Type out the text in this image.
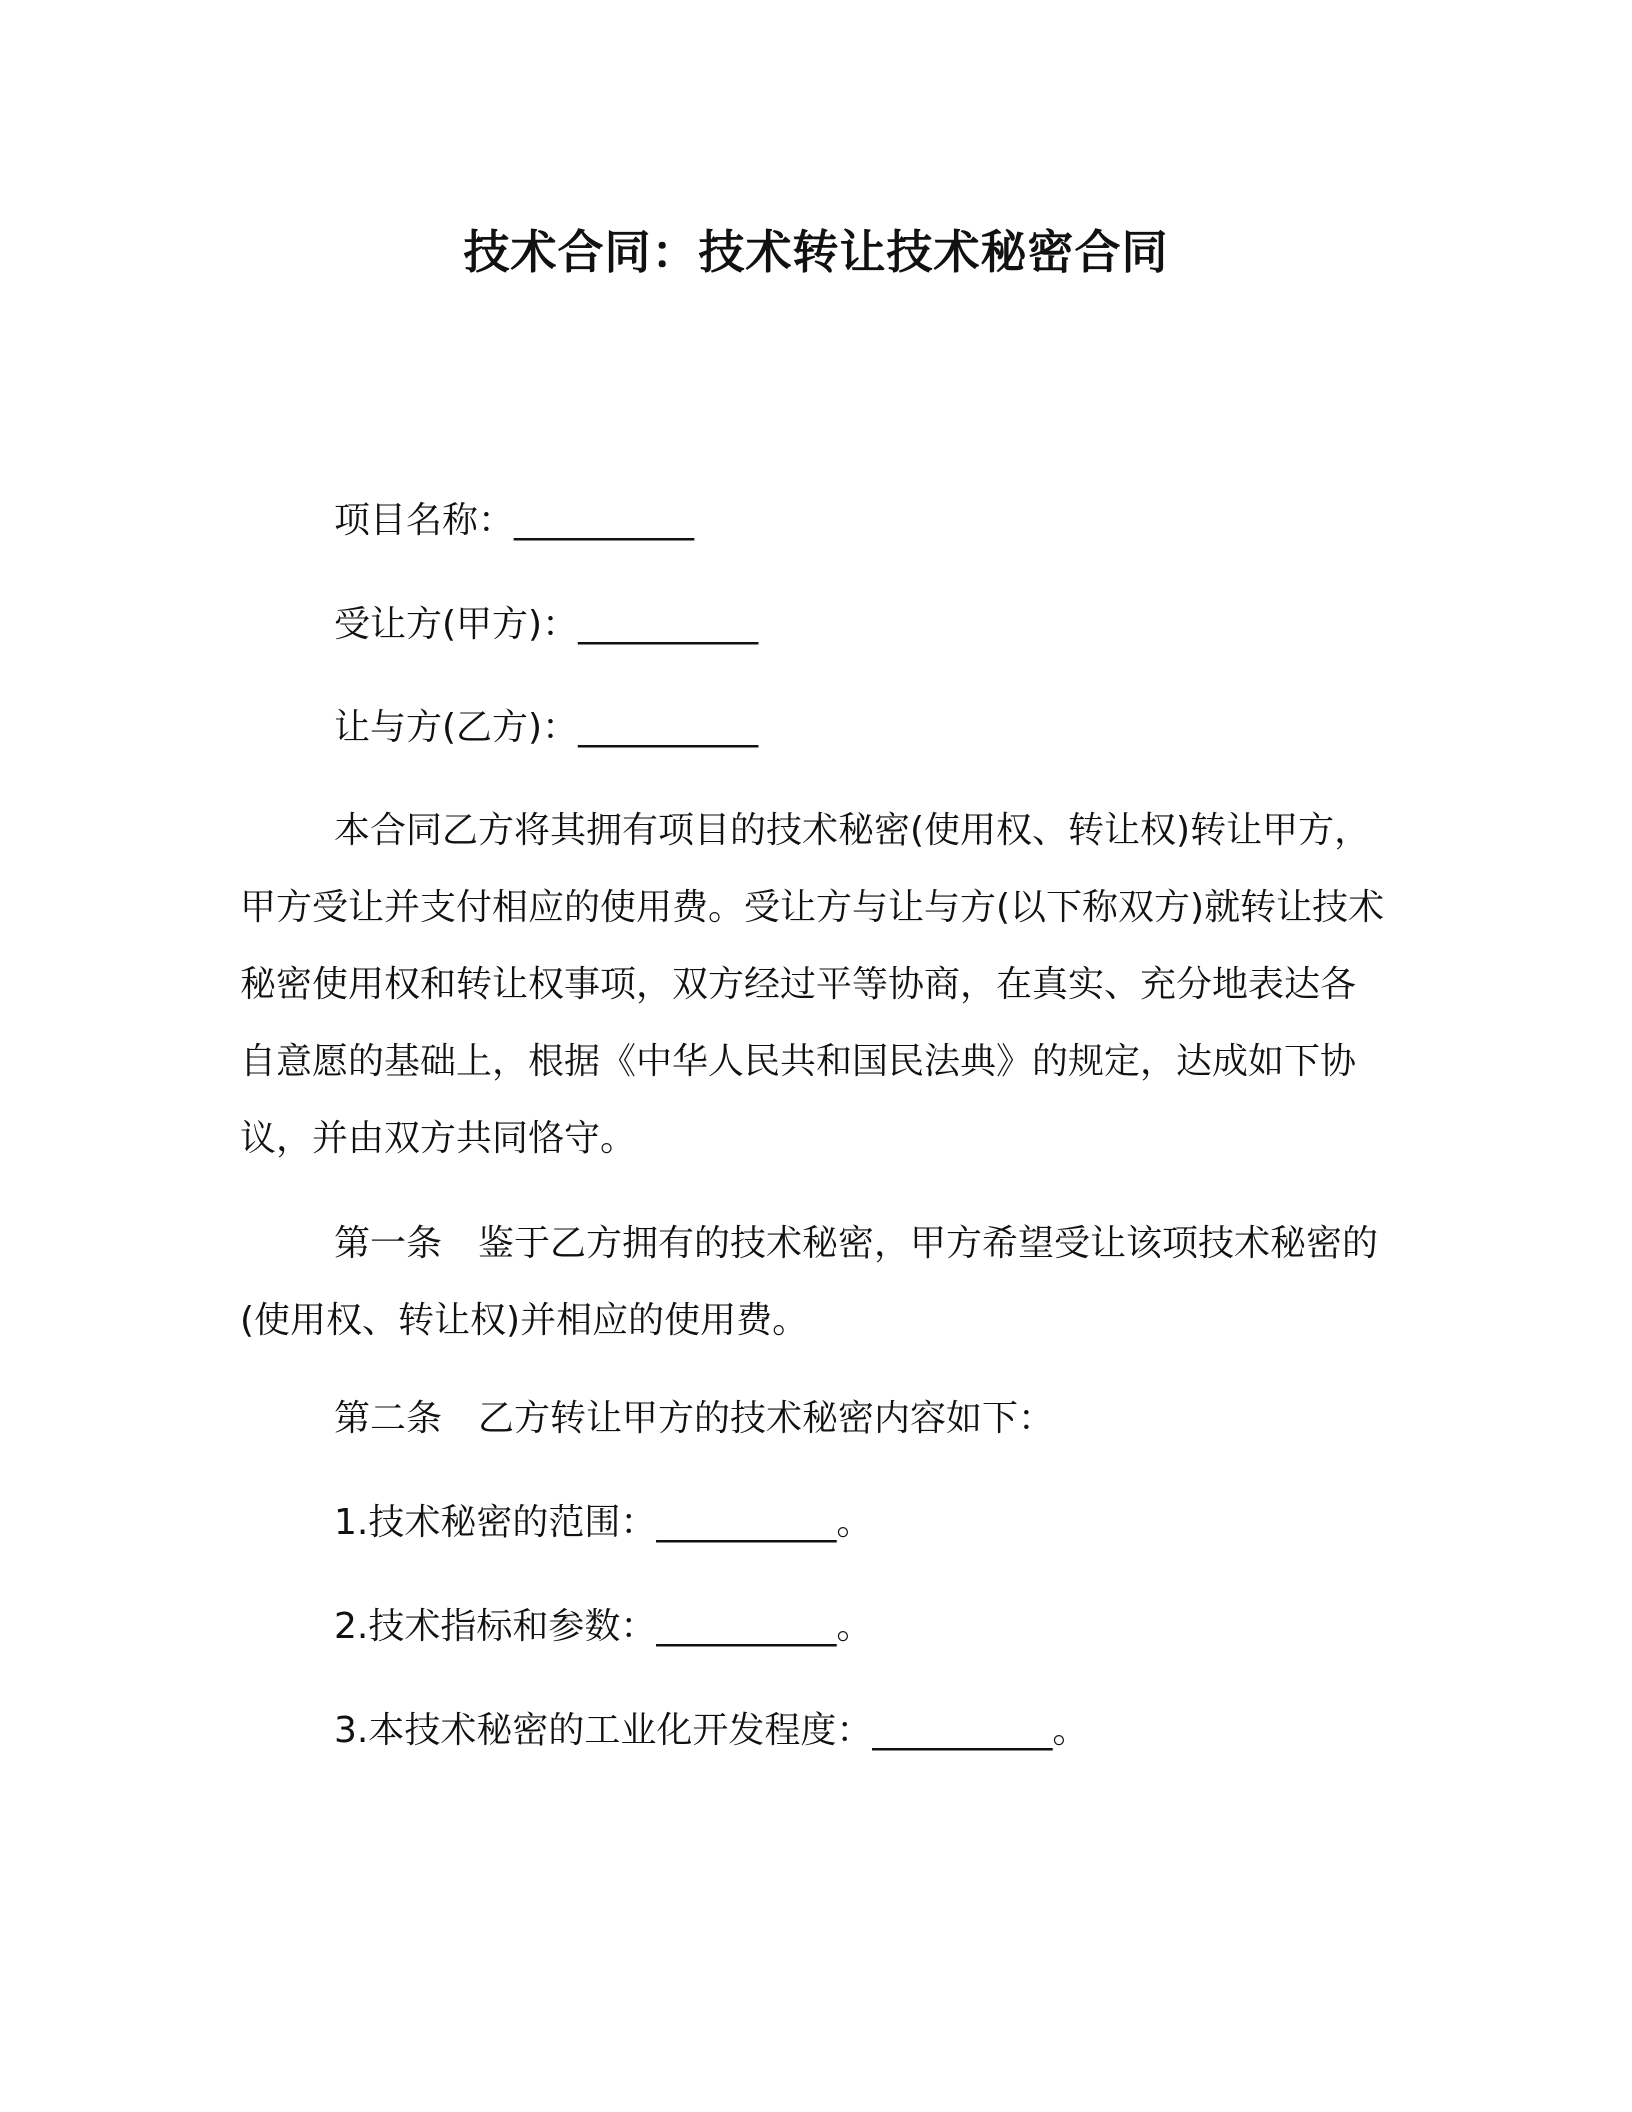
技术合同：技术转让技术秘密合同

项目名称：__________

受让方(甲方)：__________

让与方(乙方)：__________

本合同乙方将其拥有项目的技术秘密(使用权、转让权)转让甲方，甲方受让并支付相应的使用费。受让方与让与方(以下称双方)就转让技术秘密使用权和转让权事项，双方经过平等协商，在真实、充分地表达各自意愿的基础上，根据《中华人民共和国民法典》的规定，达成如下协议，并由双方共同恪守。

第一条　鉴于乙方拥有的技术秘密，甲方希望受让该项技术秘密的(使用权、转让权)并相应的使用费。

第二条　乙方转让甲方的技术秘密内容如下：

1.技术秘密的范围：__________。

2.技术指标和参数：__________。

3.本技术秘密的工业化开发程度：__________。
